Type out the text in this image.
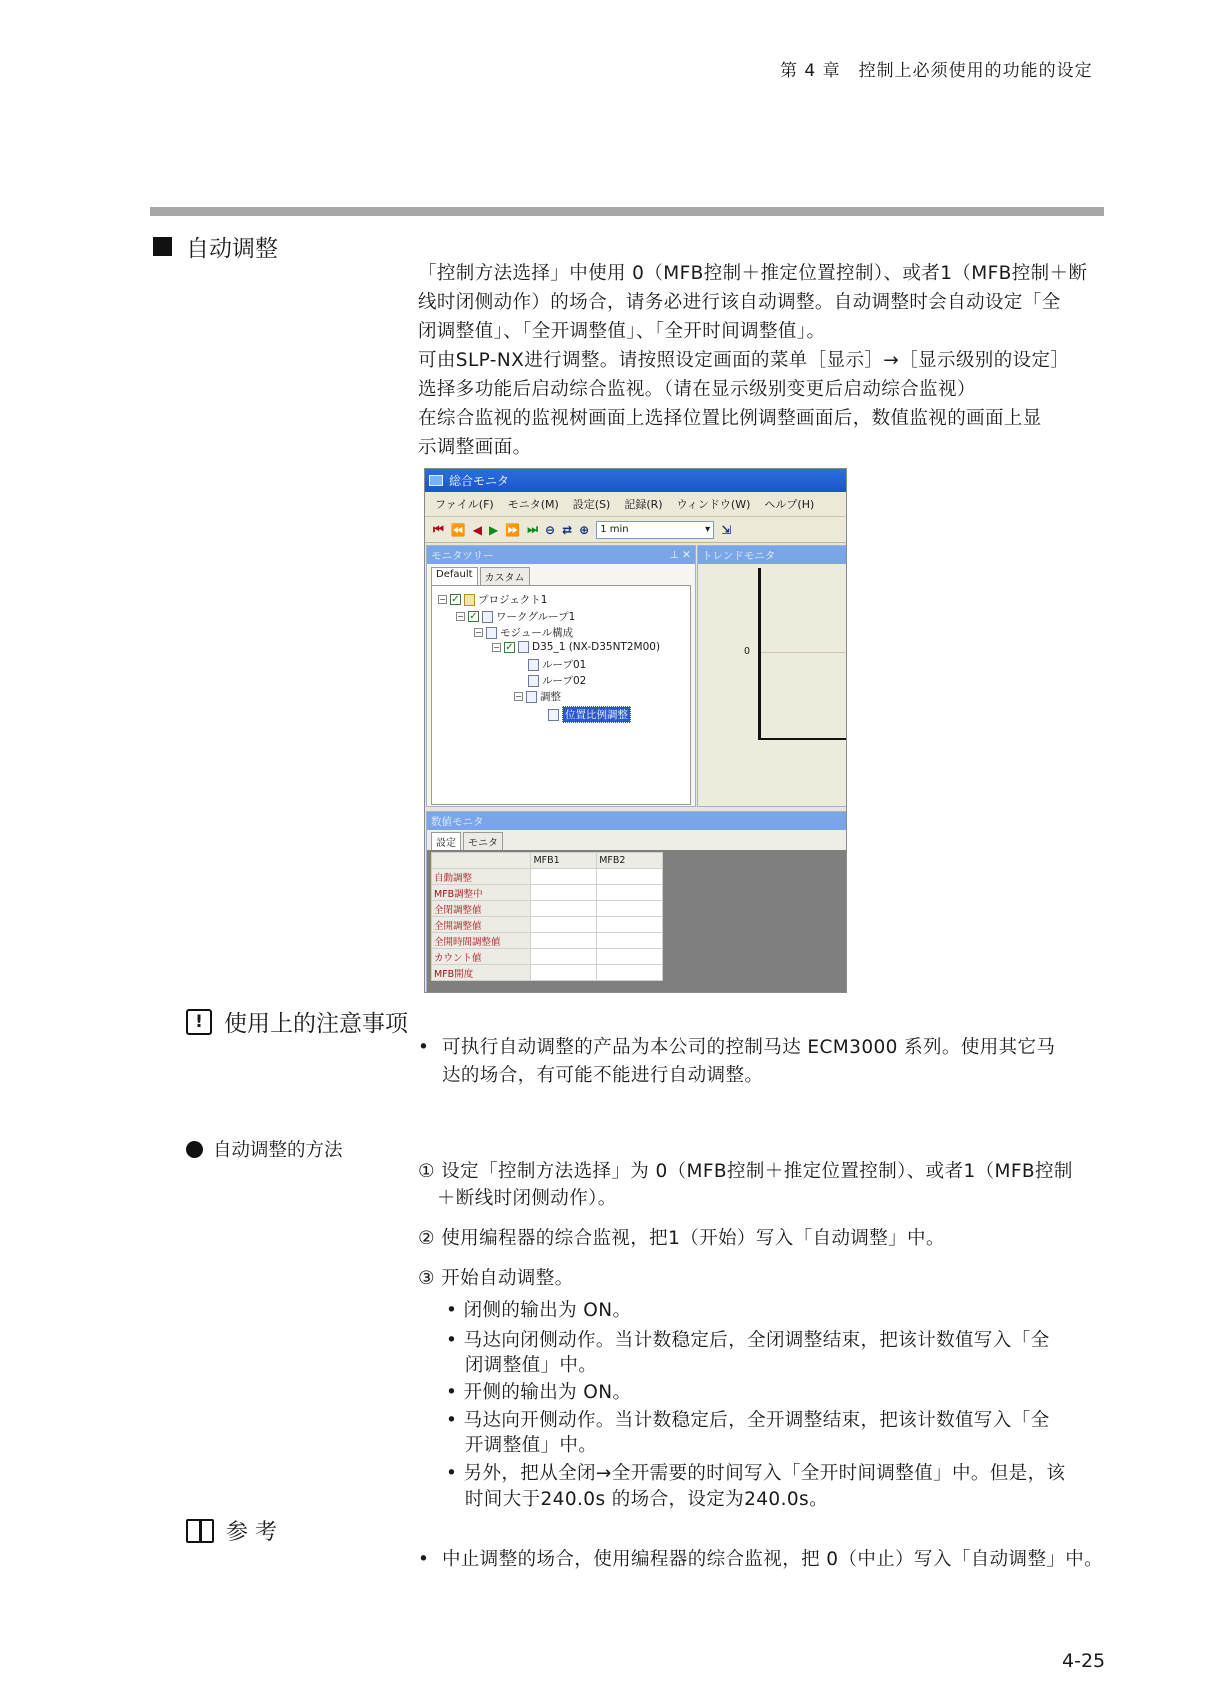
第 4 章　控制上必须使用的功能的设定
自动调整

「控制方法选择」中使用 0（MFB控制＋推定位置控制）、或者1（MFB控制＋断

线时闭侧动作）的场合，请务必进行该自动调整。自动调整时会自动设定「全

闭调整值」、「全开调整值」、「全开时间调整值」。

可由SLP-NX进行调整。请按照设定画面的菜单［显示］→［显示级别的设定］

选择多功能后启动综合监视。（请在显示级别变更后启动综合监视）

在综合监视的监视树画面上选择位置比例调整画面后，数值监视的画面上显

示调整画面。

総合モニタ
ファイル(F) モニタ(M) 設定(S) 記録(R) ウィンドウ(W) ヘルプ(H)
⏮ ⏪ ◀ ▶ ⏩ ⏭ ⊖ ⇄ ⊕ 1 min	▾ ⇲
モニタツリー	⊥ ✕
Default	カスタム
− ✓ プロジェクト1
− ✓ ワークグループ1
− モジュール構成
− ✓ D35_1 (NX-D35NT2M00)
ループ01
ループ02
− 調整
位置比例調整
トレンドモニタ
0
数値モニタ
設定	モニタ
	MFB1	MFB2
自動調整		
MFB調整中		
全閉調整値		
全開調整値		
全開時間調整値		
カウント値		
MFB開度		
! 使用上的注意事项
• 可执行自动调整的产品为本公司的控制马达 ECM3000 系列。使用其它马

达的场合，有可能不能进行自动调整。

自动调整的方法

① 设定「控制方法选择」为 0（MFB控制＋推定位置控制）、或者1（MFB控制

　＋断线时闭侧动作）。

② 使用编程器的综合监视，把1（开始）写入「自动调整」中。
③ 开始自动调整。
• 闭侧的输出为 ON。
• 马达向闭侧动作。当计数稳定后，全闭调整结束，把该计数值写入「全
　闭调整值」中。
• 开侧的输出为 ON。
• 马达向开侧动作。当计数稳定后，全开调整结束，把该计数值写入「全
　开调整值」中。
• 另外，把从全闭→全开需要的时间写入「全开时间调整值」中。但是，该
　时间大于240.0s 的场合，设定为240.0s。
参 考
• 中止调整的场合，使用编程器的综合监视，把 0（中止）写入「自动调整」中。

4-25
